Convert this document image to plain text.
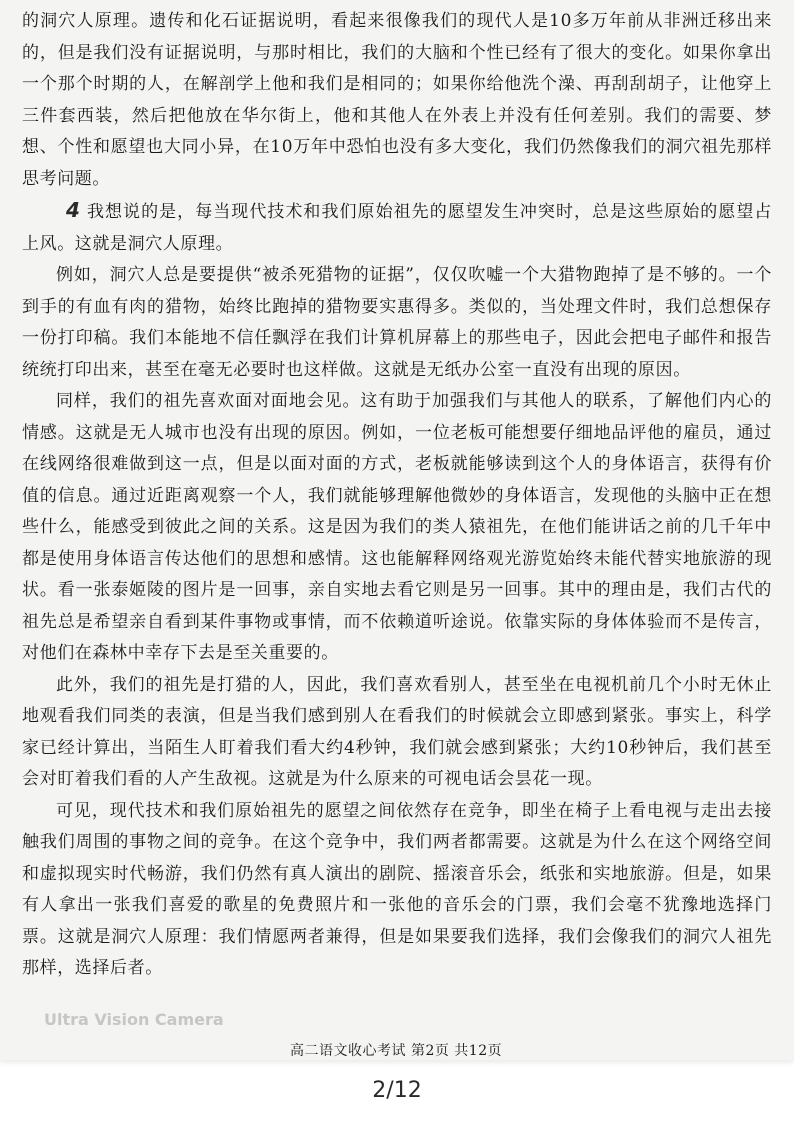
的洞穴人原理。遗传和化石证据说明，看起来很像我们的现代人是10多万年前从非洲迁移出来的，但是我们没有证据说明，与那时相比，我们的大脑和个性已经有了很大的变化。如果你拿出一个那个时期的人，在解剖学上他和我们是相同的；如果你给他洗个澡、再刮刮胡子，让他穿上三件套西装，然后把他放在华尔街上，他和其他人在外表上并没有任何差别。我们的需要、梦想、个性和愿望也大同小异，在10万年中恐怕也没有多大变化，我们仍然像我们的洞穴祖先那样思考问题。

4 我想说的是，每当现代技术和我们原始祖先的愿望发生冲突时，总是这些原始的愿望占上风。这就是洞穴人原理。

例如，洞穴人总是要提供“被杀死猎物的证据”，仅仅吹嘘一个大猎物跑掉了是不够的。一个到手的有血有肉的猎物，始终比跑掉的猎物要实惠得多。类似的，当处理文件时，我们总想保存一份打印稿。我们本能地不信任飘浮在我们计算机屏幕上的那些电子，因此会把电子邮件和报告统统打印出来，甚至在毫无必要时也这样做。这就是无纸办公室一直没有出现的原因。

同样，我们的祖先喜欢面对面地会见。这有助于加强我们与其他人的联系，了解他们内心的情感。这就是无人城市也没有出现的原因。例如，一位老板可能想要仔细地品评他的雇员，通过在线网络很难做到这一点，但是以面对面的方式，老板就能够读到这个人的身体语言，获得有价值的信息。通过近距离观察一个人，我们就能够理解他微妙的身体语言，发现他的头脑中正在想些什么，能感受到彼此之间的关系。这是因为我们的类人猿祖先，在他们能讲话之前的几千年中都是使用身体语言传达他们的思想和感情。这也能解释网络观光游览始终未能代替实地旅游的现状。看一张泰姬陵的图片是一回事，亲自实地去看它则是另一回事。其中的理由是，我们古代的祖先总是希望亲自看到某件事物或事情，而不依赖道听途说。依靠实际的身体体验而不是传言，对他们在森林中幸存下去是至关重要的。

此外，我们的祖先是打猎的人，因此，我们喜欢看别人，甚至坐在电视机前几个小时无休止地观看我们同类的表演，但是当我们感到别人在看我们的时候就会立即感到紧张。事实上，科学家已经计算出，当陌生人盯着我们看大约4秒钟，我们就会感到紧张；大约10秒钟后，我们甚至会对盯着我们看的人产生敌视。这就是为什么原来的可视电话会昙花一现。

可见，现代技术和我们原始祖先的愿望之间依然存在竞争，即坐在椅子上看电视与走出去接触我们周围的事物之间的竞争。在这个竞争中，我们两者都需要。这就是为什么在这个网络空间和虚拟现实时代畅游，我们仍然有真人演出的剧院、摇滚音乐会，纸张和实地旅游。但是，如果有人拿出一张我们喜爱的歌星的免费照片和一张他的音乐会的门票，我们会毫不犹豫地选择门票。这就是洞穴人原理：我们情愿两者兼得，但是如果要我们选择，我们会像我们的洞穴人祖先那样，选择后者。

Ultra Vision Camera
高二语文收心考试 第2页 共12页
2/12
